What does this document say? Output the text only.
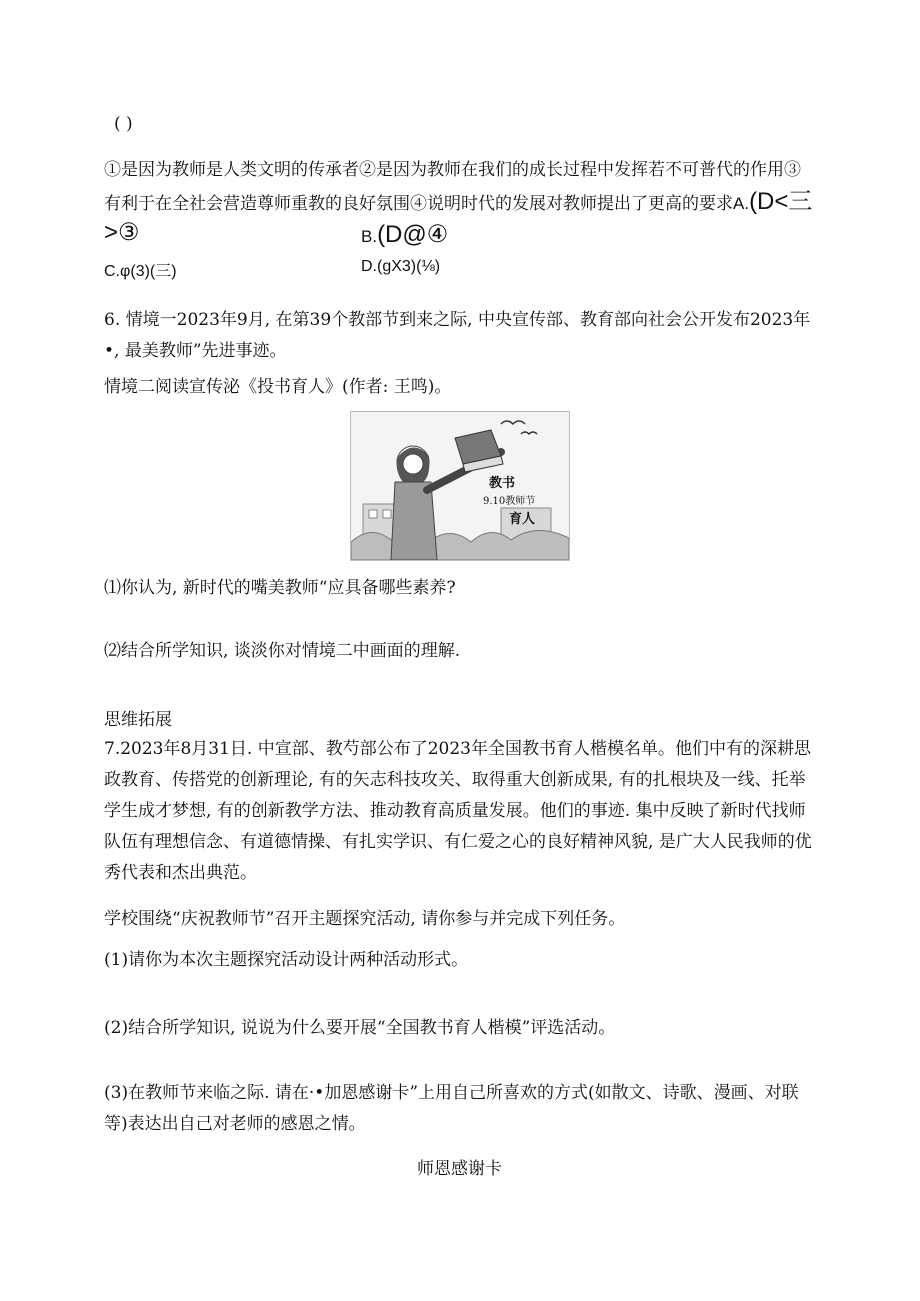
( )
①是因为教师是人类文明的传承者②是因为教师在我们的成长过程中发挥若不可普代的作用③有利于在全社会营造尊师重教的良好氛围④说明时代的发展对教师提出了更高的要求A.(D<三
>③	B.(D@④
C.φ(3)(三)	D.(gX3)(⅛)
6. 情境一2023年9月, 在第39个教部节到来之际, 中央宣传部、教育部向社会公开发布2023年•, 最美教师”先进事迹。
情境二阅读宣传泌《投书育人》(作者: 王鸣)。
教书
9.10教师节
育人
⑴你认为, 新时代的嘴美教师“应具备哪些素养?
⑵结合所学知识, 谈淡你对情境二中画面的理解.
思维拓展
7.2023年8月31日. 中宣部、教芍部公布了2023年全国教书育人楷模名单。他们中有的深耕思政教育、传搭党的创新理论, 有的矢志科技攻关、取得重大创新成果, 有的扎根块及一线、托举学生成才梦想, 有的创新教学方法、推动教育高质量发展。他们的事迹. 集中反映了新时代找师队伍有理想信念、有道德情操、有扎实学识、有仁爱之心的良好精神风貌, 是广大人民我师的优秀代表和杰出典范。
学校围绕“庆祝教师节”召开主题探究活动, 请你参与并完成下列任务。
(1)请你为本次主题探究活动设计两种活动形式。
(2)结合所学知识, 说说为什么要开展“全国教书育人楷模”评选活动。
(3)在教师节来临之际. 请在·•加恩感谢卡”上用自己所喜欢的方式(如散文、诗歌、漫画、对联等)表达出自己对老师的感恩之情。
师恩感谢卡
